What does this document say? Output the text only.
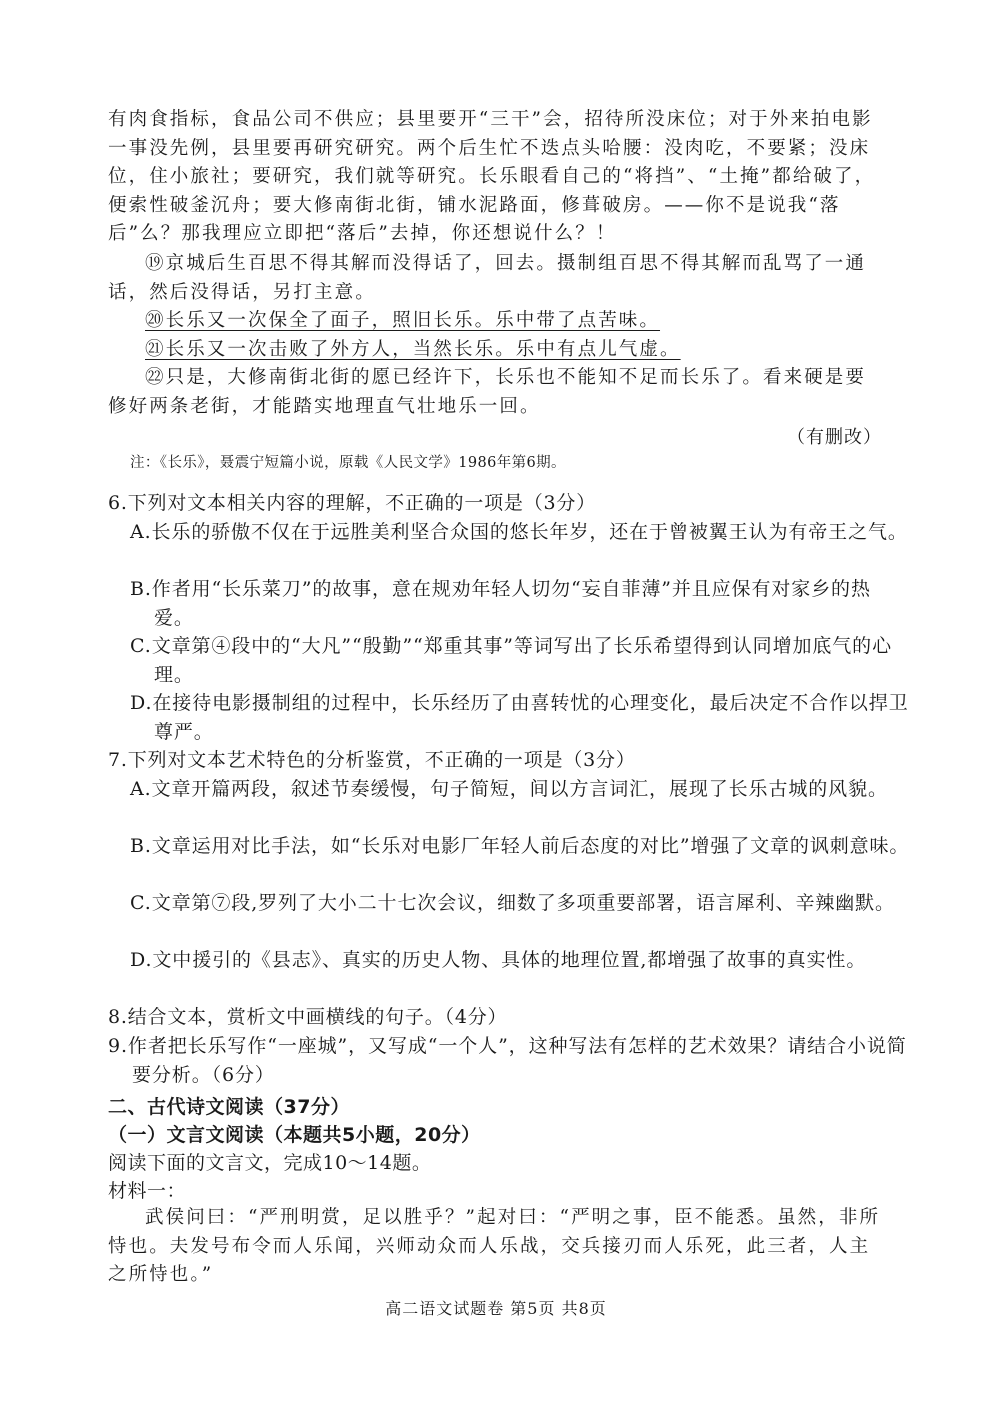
有肉食指标，食品公司不供应；县里要开“三干”会，招待所没床位；对于外来拍电影一事没先例，县里要再研究研究。两个后生忙不迭点头哈腰：没肉吃，不要紧；没床位，住小旅社；要研究，我们就等研究。长乐眼看自己的“将挡”、“土掩”都给破了，便索性破釜沉舟；要大修南街北街，铺水泥路面，修葺破房。——你不是说我“落后”么？那我理应立即把“落后”去掉，你还想说什么？！

⑲京城后生百思不得其解而没得话了，回去。摄制组百思不得其解而乱骂了一通话，然后没得话，另打主意。

⑳长乐又一次保全了面子，照旧长乐。乐中带了点苦味。

㉑长乐又一次击败了外方人，当然长乐。乐中有点儿气虚。

㉒只是，大修南街北街的愿已经许下，长乐也不能知不足而长乐了。看来硬是要修好两条老街，才能踏实地理直气壮地乐一回。

（有删改）
注：《长乐》，聂震宁短篇小说，原载《人民文学》1986年第6期。

6.下列对文本相关内容的理解，不正确的一项是（3分）

A.长乐的骄傲不仅在于远胜美利坚合众国的悠长年岁，还在于曾被翼王认为有帝王之气。

B.作者用“长乐菜刀”的故事，意在规劝年轻人切勿“妄自菲薄”并且应保有对家乡的热爱。

C.文章第④段中的“大凡”“殷勤”“郑重其事”等词写出了长乐希望得到认同增加底气的心理。

D.在接待电影摄制组的过程中，长乐经历了由喜转忧的心理变化，最后决定不合作以捍卫尊严。

7.下列对文本艺术特色的分析鉴赏，不正确的一项是（3分）

A.文章开篇两段，叙述节奏缓慢，句子简短，间以方言词汇，展现了长乐古城的风貌。

B.文章运用对比手法，如“长乐对电影厂年轻人前后态度的对比”增强了文章的讽刺意味。

C.文章第⑦段,罗列了大小二十七次会议，细数了多项重要部署，语言犀利、辛辣幽默。

D.文中援引的《县志》、真实的历史人物、具体的地理位置,都增强了故事的真实性。

8.结合文本，赏析文中画横线的句子。（4分）

9.作者把长乐写作“一座城”，又写成“一个人”，这种写法有怎样的艺术效果？请结合小说简要分析。（6分）

二、古代诗文阅读（37分）
（一）文言文阅读（本题共5小题，20分）
阅读下面的文言文，完成10～14题。
材料一：

武侯问曰：“严刑明赏，足以胜乎？”起对曰：“严明之事，臣不能悉。虽然，非所恃也。夫发号布令而人乐闻，兴师动众而人乐战，交兵接刃而人乐死，此三者，人主之所恃也。”

高二语文试题卷 第5页 共8页
